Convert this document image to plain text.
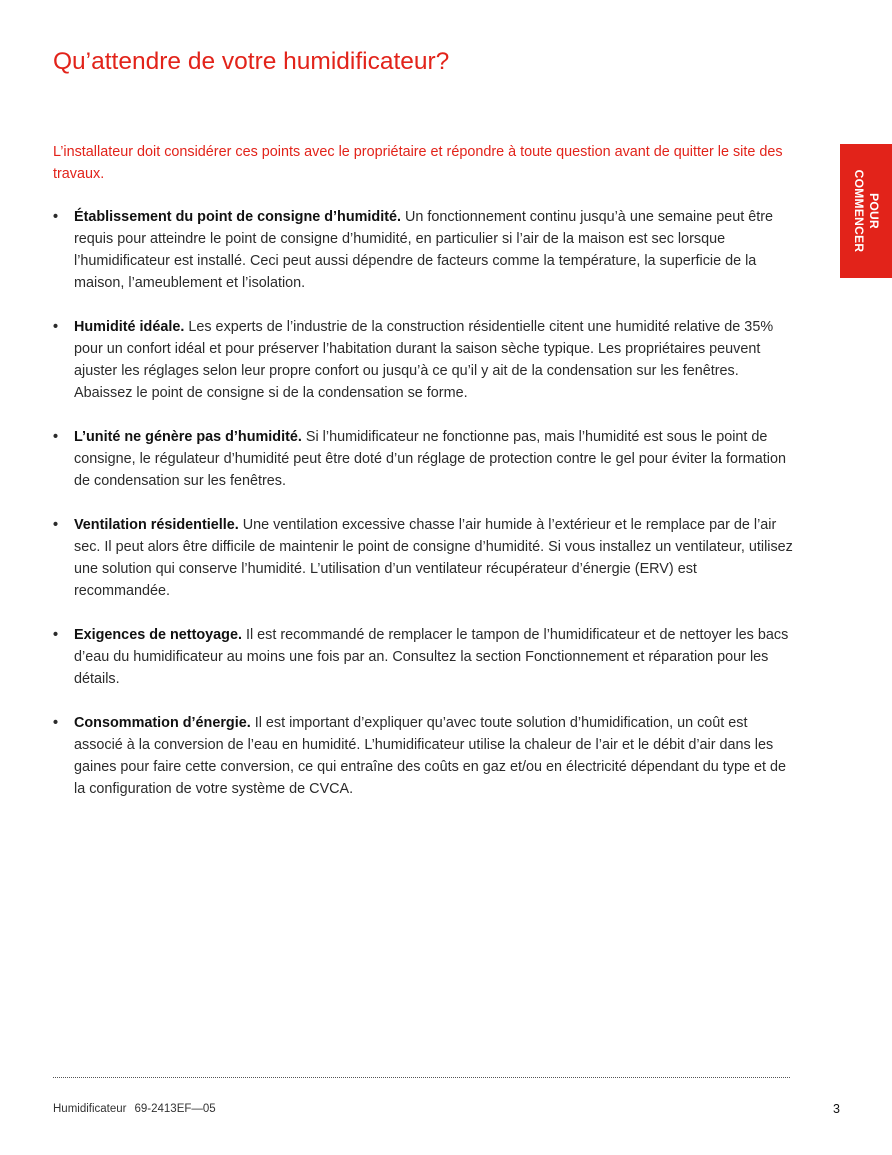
Qu’attendre de votre humidificateur?

L’installateur doit considérer ces points avec le propriétaire et répondre à toute question avant de quitter le site des travaux.

POUR
COMMENCER
• Établissement du point de consigne d’humidité. Un fonctionnement continu jusqu’à une semaine peut être requis pour atteindre le point de consigne d’humidité, en particulier si l’air de la maison est sec lorsque l’humidificateur est installé. Ceci peut aussi dépendre de facteurs comme la température, la superficie de la maison, l’ameublement et l’isolation.
• Humidité idéale. Les experts de l’industrie de la construction résidentielle citent une humidité relative de 35% pour un confort idéal et pour préserver l’habitation durant la saison sèche typique. Les propriétaires peuvent ajuster les réglages selon leur propre confort ou jusqu’à ce qu’il y ait de la condensation sur les fenêtres. Abaissez le point de consigne si de la condensation se forme.
• L’unité ne génère pas d’humidité. Si l’humidificateur ne fonctionne pas, mais l’humidité est sous le point de consigne, le régulateur d’humidité peut être doté d’un réglage de protection contre le gel pour éviter la formation de condensation sur les fenêtres.
• Ventilation résidentielle. Une ventilation excessive chasse l’air humide à l’extérieur et le remplace par de l’air sec. Il peut alors être difficile de maintenir le point de consigne d’humidité. Si vous installez un ventilateur, utilisez une solution qui conserve l’humidité. L’utilisation d’un ventilateur récupérateur d’énergie (ERV) est recommandée.
• Exigences de nettoyage. Il est recommandé de remplacer le tampon de l’humidificateur et de nettoyer les bacs d’eau du humidificateur au moins une fois par an. Consultez la section Fonctionnement et réparation pour les détails.
• Consommation d’énergie. Il est important d’expliquer qu’avec toute solution d’humidification, un coût est associé à la conversion de l’eau en humidité. L’humidificateur utilise la chaleur de l’air et le débit d’air dans les gaines pour faire cette conversion, ce qui entraîne des coûts en gaz et/ou en électricité dépendant du type et de la configuration de votre système de CVCA.
Humidificateur 69-2413EF—05	3
